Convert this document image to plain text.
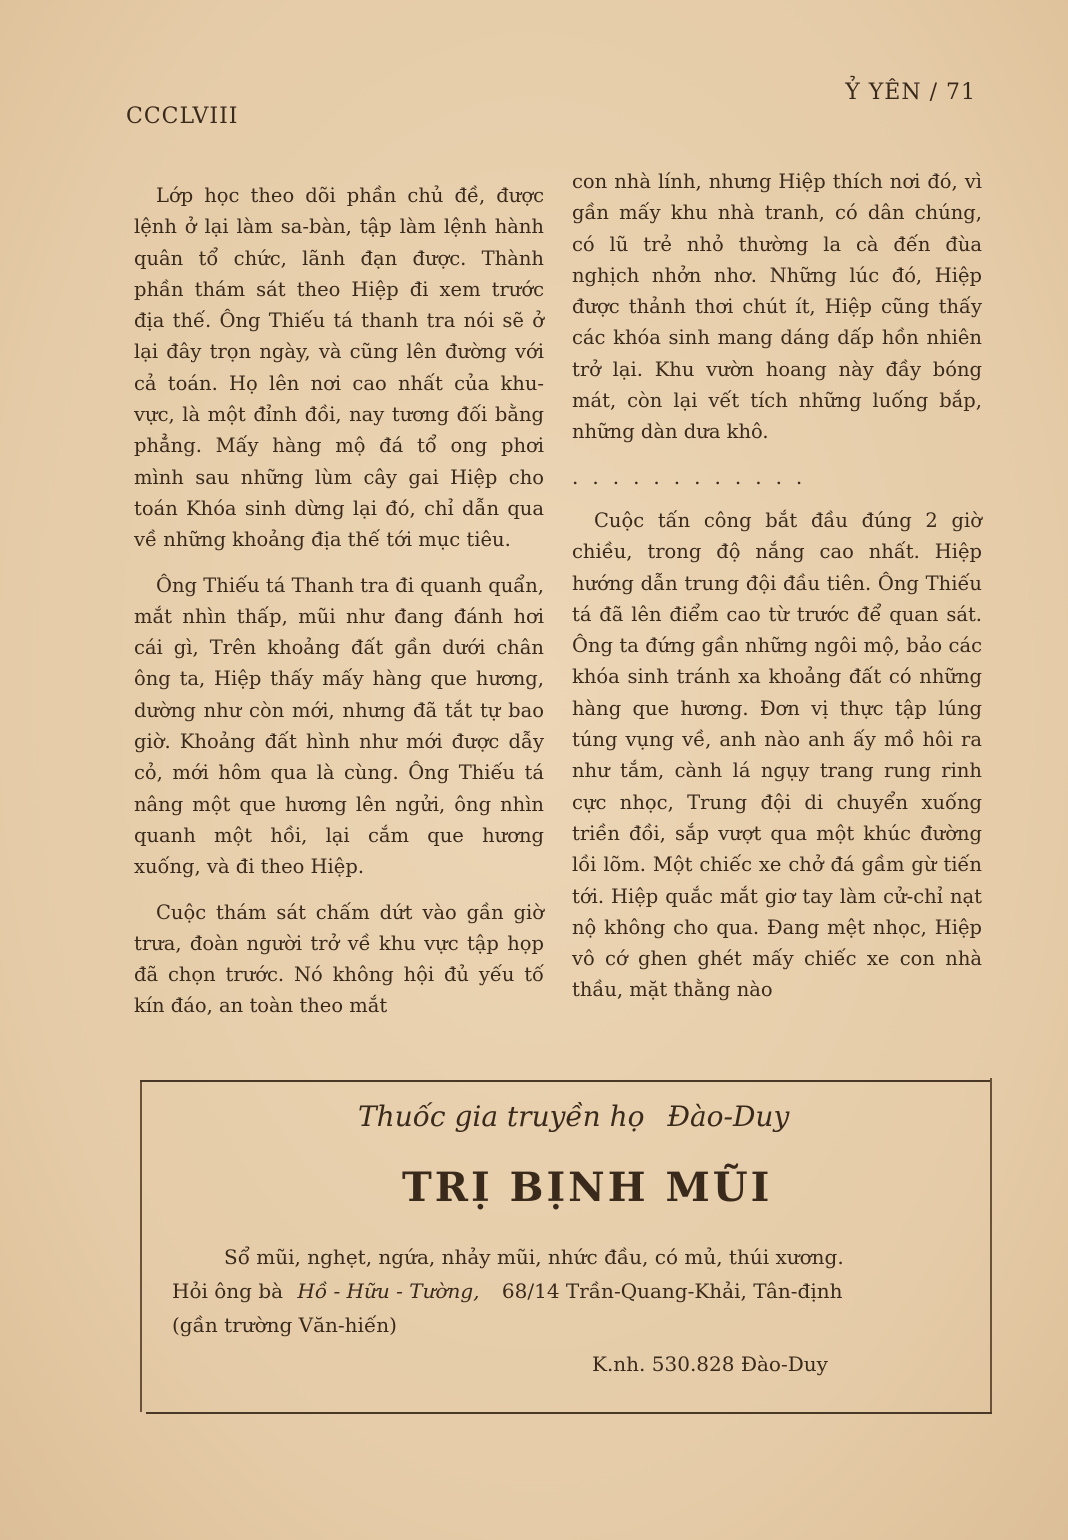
CCCLVIII
Ỷ YÊN / 71

Lớp học theo dõi phần chủ đề, được lệnh ở lại làm sa-bàn, tập làm lệnh hành quân tổ chức, lãnh đạn được. Thành phần thám sát theo Hiệp đi xem trước địa thế. Ông Thiếu tá thanh tra nói sẽ ở lại đây trọn ngày, và cũng lên đường với cả toán. Họ lên nơi cao nhất của khu-vực, là một đỉnh đồi, nay tương đối bằng phẳng. Mấy hàng mộ đá tổ ong phơi mình sau những lùm cây gai Hiệp cho toán Khóa sinh dừng lại đó, chỉ dẫn qua về những khoảng địa thế tới mục tiêu.

Ông Thiếu tá Thanh tra đi quanh quẩn, mắt nhìn thấp, mũi như đang đánh hơi cái gì, Trên khoảng đất gần dưới chân ông ta, Hiệp thấy mấy hàng que hương, dường như còn mới, nhưng đã tắt tự bao giờ. Khoảng đất hình như mới được dẫy cỏ, mới hôm qua là cùng. Ông Thiếu tá nâng một que hương lên ngửi, ông nhìn quanh một hồi, lại cắm que hương xuống, và đi theo Hiệp.

Cuộc thám sát chấm dứt vào gần giờ trưa, đoàn người trở về khu vực tập họp đã chọn trước. Nó không hội đủ yếu tố kín đáo, an toàn theo mắt

con nhà lính, nhưng Hiệp thích nơi đó, vì gần mấy khu nhà tranh, có dân chúng, có lũ trẻ nhỏ thường la cà đến đùa nghịch nhởn nhơ. Những lúc đó, Hiệp được thảnh thơi chút ít, Hiệp cũng thấy các khóa sinh mang dáng dấp hồn nhiên trở lại. Khu vườn hoang này đầy bóng mát, còn lại vết tích những luống bắp, những dàn dưa khô.

............

Cuộc tấn công bắt đầu đúng 2 giờ chiều, trong độ nắng cao nhất. Hiệp hướng dẫn trung đội đầu tiên. Ông Thiếu tá đã lên điểm cao từ trước để quan sát. Ông ta đứng gần những ngôi mộ, bảo các khóa sinh tránh xa khoảng đất có những hàng que hương. Đơn vị thực tập lúng túng vụng về, anh nào anh ấy mồ hôi ra như tắm, cành lá ngụy trang rung rinh cực nhọc, Trung đội di chuyển xuống triền đồi, sắp vượt qua một khúc đường lồi lõm. Một chiếc xe chở đá gầm gừ tiến tới. Hiệp quắc mắt giơ tay làm cử-chỉ nạt nộ không cho qua. Đang mệt nhọc, Hiệp vô cớ ghen ghét mấy chiếc xe con nhà thầu, mặt thằng nào

Thuốc gia truyền họ Đào-Duy
TRỊ BỊNH MŨI
Sổ mũi, nghẹt, ngứa, nhảy mũi, nhức đầu, có mủ, thúi xương.
Hỏi ông bà Hồ - Hữu - Tường, 68/14 Trần-Quang-Khải, Tân-định
(gần trường Văn-hiến)
K.nh. 530.828 Đào-Duy
